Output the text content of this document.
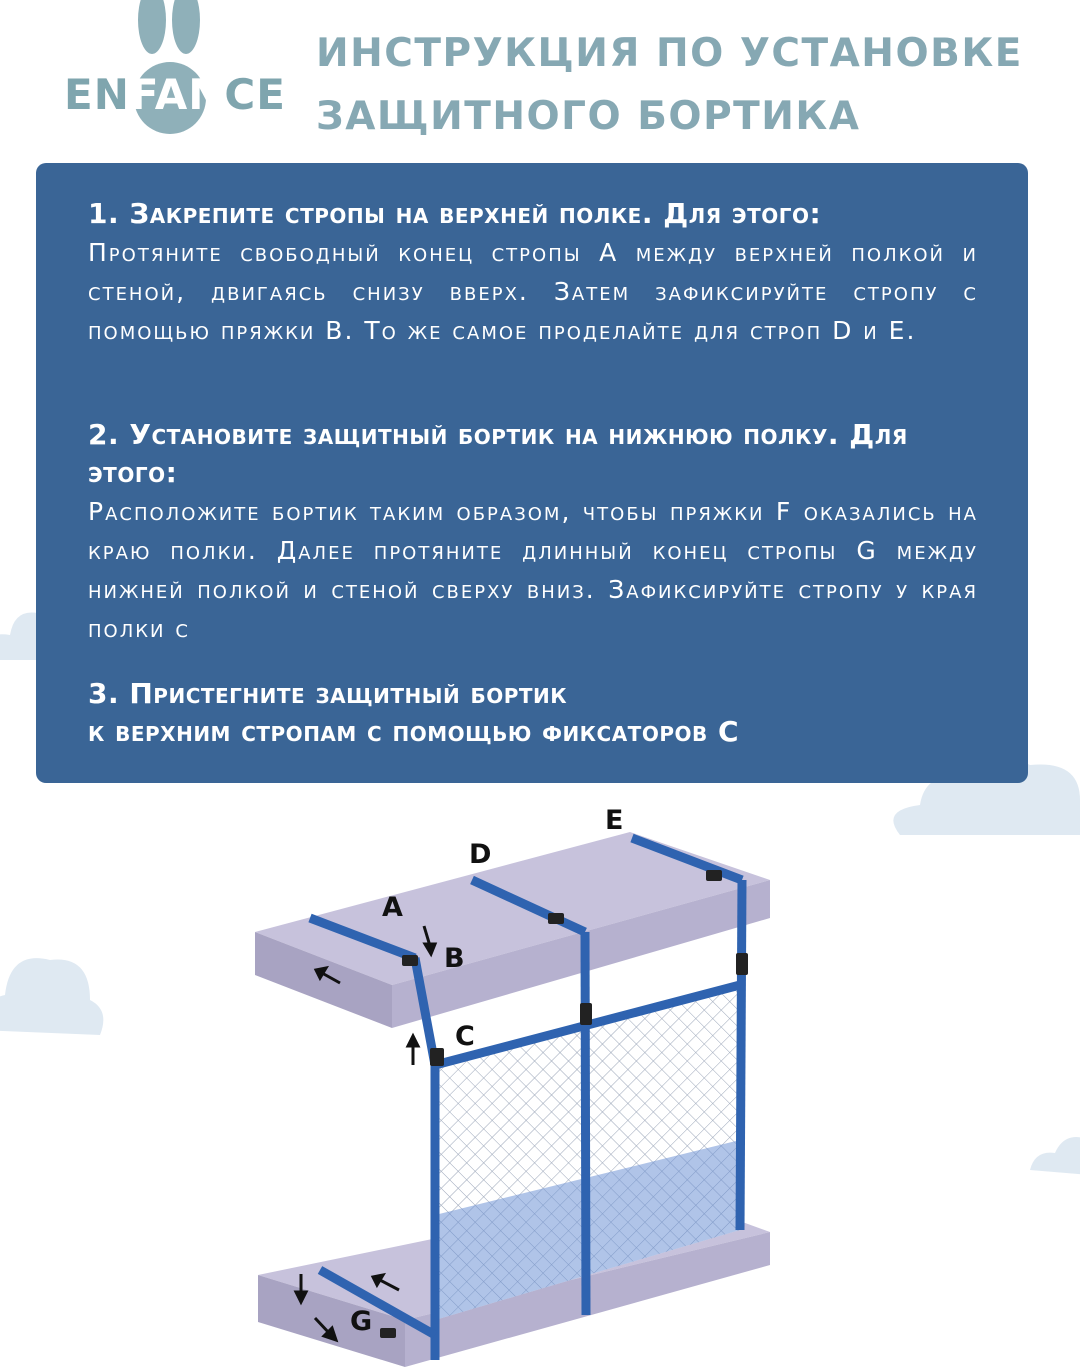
ENFANCE
ИНСТРУКЦИЯ ПО УСТАНОВКЕ
ЗАЩИТНОГО БОРТИКА
1. Закрепите стропы на верхней полке. Для этого:
Протяните свободный конец стропы A между верхней полкой и стеной, двигаясь снизу вверх. Затем зафиксируйте стропу с помощью пряжки B. То же самое проделайте для строп D и E.
2. Установите защитный бортик на нижнюю полку. Для этого:
Расположите бортик таким образом, чтобы пряжки F оказались на краю полки. Далее протяните длинный конец стропы G между нижней полкой и стеной сверху вниз. Зафиксируйте стропу у края полки с
3. Пристегните защитный бортик
к верхним стропам с помощью фиксаторов C
A
B
C
D
E
G
